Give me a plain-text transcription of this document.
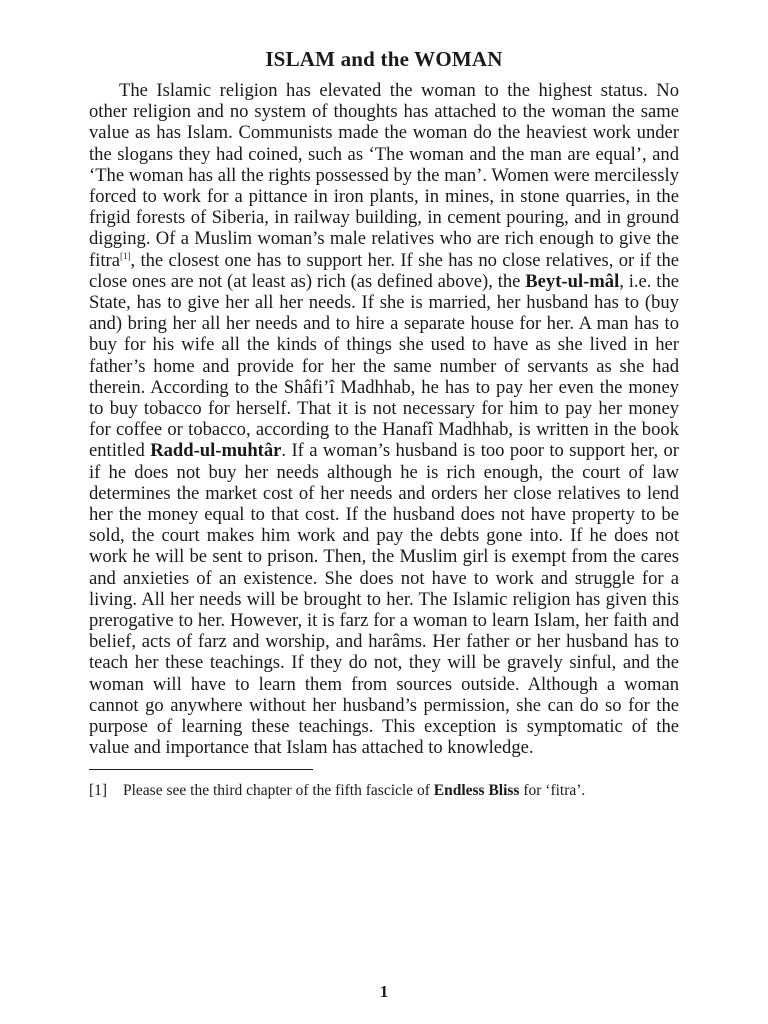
ISLAM and the WOMAN

The Islamic religion has elevated the woman to the highest status. No other religion and no system of thoughts has attached to the woman the same value as has Islam. Communists made the woman do the heaviest work under the slogans they had coined, such as ‘The woman and the man are equal’, and ‘The woman has all the rights possessed by the man’. Women were mercilessly forced to work for a pittance in iron plants, in mines, in stone quarries, in the frigid forests of Siberia, in railway building, in cement pouring, and in ground digging. Of a Muslim woman’s male relatives who are rich enough to give the fitra[1], the closest one has to support her. If she has no close relatives, or if the close ones are not (at least as) rich (as defined above), the Beyt-ul-mâl, i.e. the State, has to give her all her needs. If she is married, her husband has to (buy and) bring her all her needs and to hire a separate house for her. A man has to buy for his wife all the kinds of things she used to have as she lived in her father’s home and provide for her the same number of servants as she had therein. According to the Shâfi’î Madhhab, he has to pay her even the money to buy tobacco for herself. That it is not necessary for him to pay her money for coffee or tobacco, according to the Hanafî Madhhab, is written in the book entitled Radd-ul-muhtâr. If a woman’s husband is too poor to support her, or if he does not buy her needs although he is rich enough, the court of law determines the market cost of her needs and orders her close relatives to lend her the money equal to that cost. If the husband does not have property to be sold, the court makes him work and pay the debts gone into. If he does not work he will be sent to prison. Then, the Muslim girl is exempt from the cares and anxieties of an existence. She does not have to work and struggle for a living. All her needs will be brought to her. The Islamic religion has given this prerogative to her. However, it is farz for a woman to learn Islam, her faith and belief, acts of farz and worship, and harâms. Her father or her husband has to teach her these teachings. If they do not, they will be gravely sinful, and the woman will have to learn them from sources outside. Although a woman cannot go anywhere without her husband’s permission, she can do so for the purpose of learning these teachings. This exception is symptomatic of the value and importance that Islam has attached to knowledge.

[1]	Please see the third chapter of the fifth fascicle of Endless Bliss for ‘fitra’.
1
